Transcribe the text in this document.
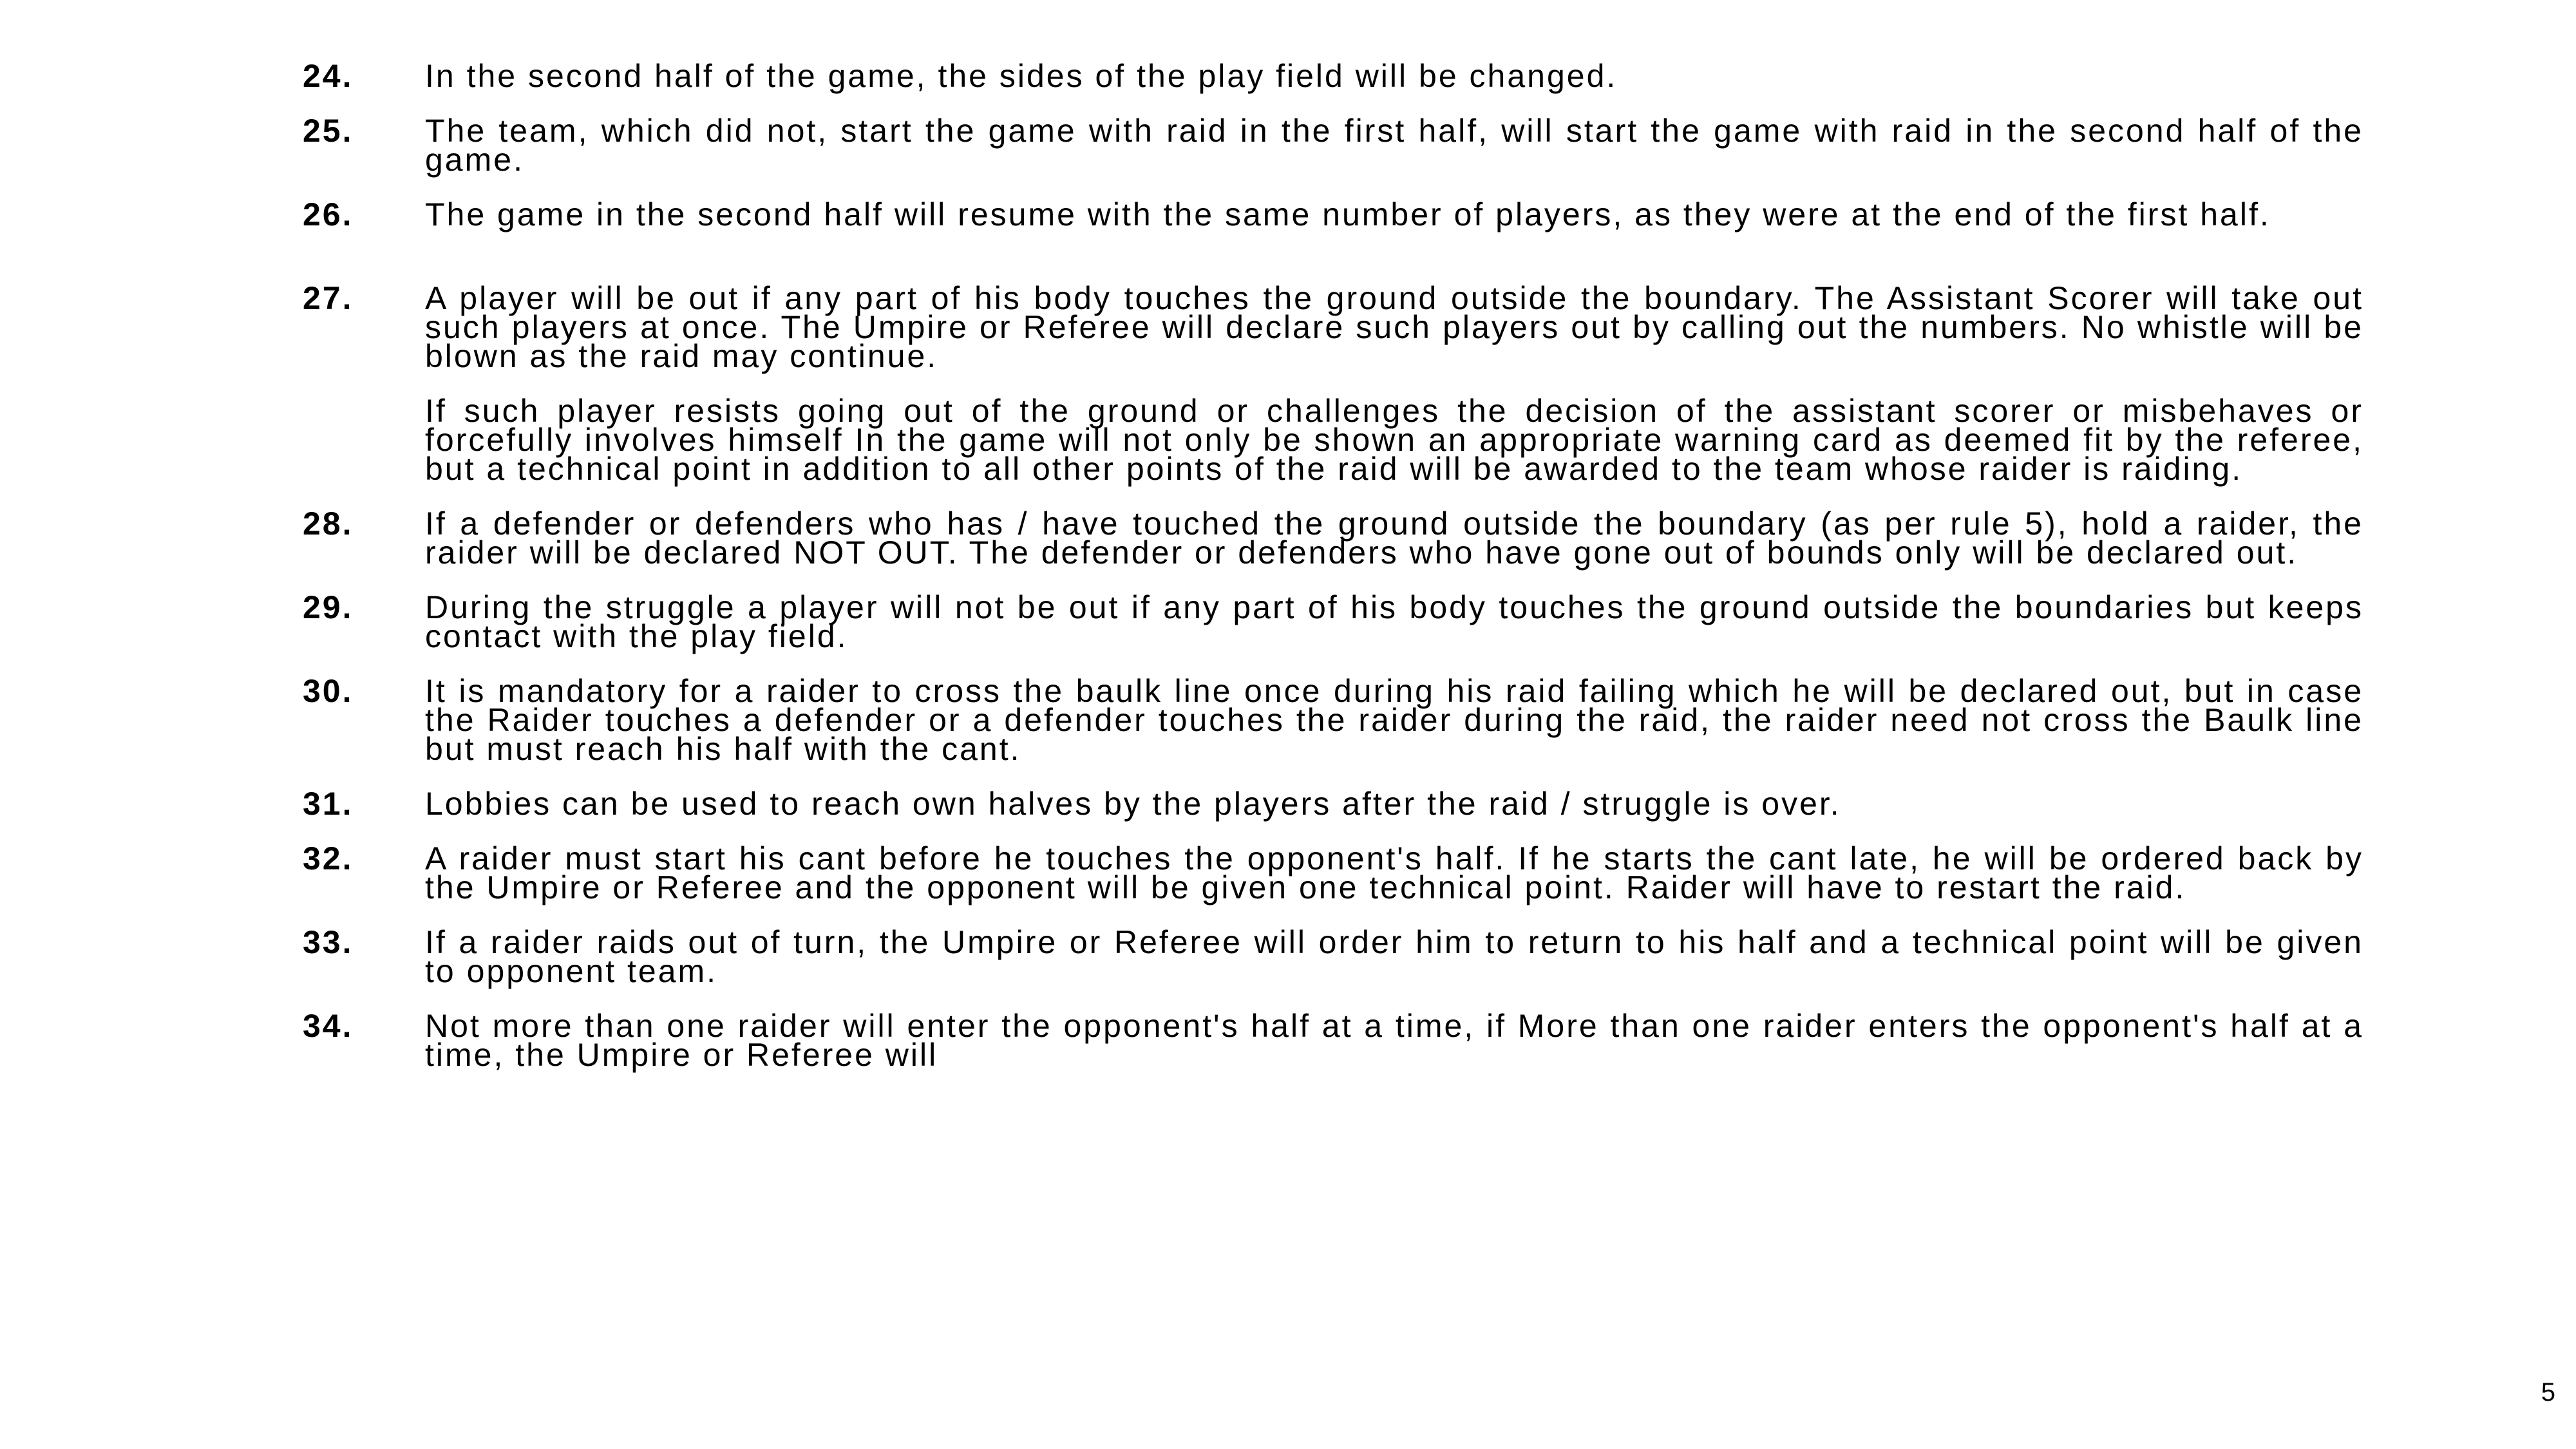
24.	In the second half of the game, the sides of the play field will be changed.

25.	The team, which did not, start the game with raid in the first half, will start the game with raid in the second half of the game.

26.	The game in the second half will resume with the same number of players, as they were at the end of the first half.

27.	A player will be out if any part of his body touches the ground outside the boundary. The Assistant Scorer will take out such players at once. The Umpire or Referee will declare such players out by calling out the numbers. No whistle will be blown as the raid may continue.

If such player resists going out of the ground or challenges the decision of the assistant scorer or misbehaves or forcefully involves himself In the game will not only be shown an appropriate warning card as deemed fit by the referee, but a technical point in addition to all other points of the raid will be awarded to the team whose raider is raiding.

28.	If a defender or defenders who has / have touched the ground outside the boundary (as per rule 5), hold a raider, the raider will be declared NOT OUT. The defender or defenders who have gone out of bounds only will be declared out.

29.	During the struggle a player will not be out if any part of his body touches the ground outside the boundaries but keeps contact with the play field.

30.	It is mandatory for a raider to cross the baulk line once during his raid failing which he will be declared out, but in case the Raider touches a defender or a defender touches the raider during the raid, the raider need not cross the Baulk line but must reach his half with the cant.

31.	Lobbies can be used to reach own halves by the players after the raid / struggle is over.

32.	A raider must start his cant before he touches the opponent's half. If he starts the cant late, he will be ordered back by the Umpire or Referee and the opponent will be given one technical point. Raider will have to restart the raid.

33.	If a raider raids out of turn, the Umpire or Referee will order him to return to his half and a technical point will be given to opponent team.

34.	Not more than one raider will enter the opponent's half at a time, if More than one raider enters the opponent's half at a time, the Umpire or Referee will

5
